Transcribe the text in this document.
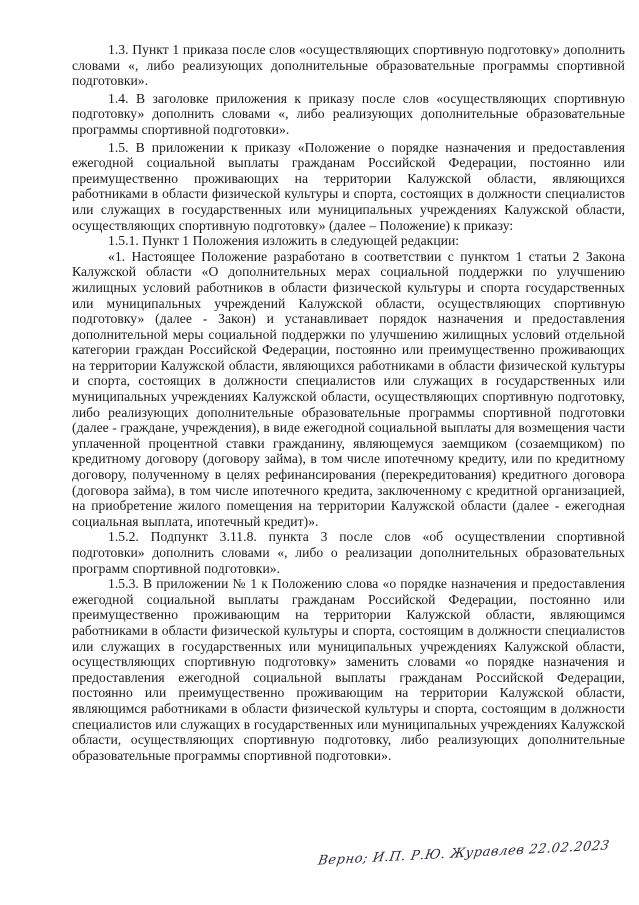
1.3. Пункт 1 приказа после слов «осуществляющих спортивную подготовку» дополнить словами «, либо реализующих дополнительные образовательные программы спортивной подготовки».

1.4. В заголовке приложения к приказу после слов «осуществляющих спортивную подготовку» дополнить словами «, либо реализующих дополнительные образовательные программы спортивной подготовки».

1.5. В приложении к приказу «Положение о порядке назначения и предоставления ежегодной социальной выплаты гражданам Российской Федерации, постоянно или преимущественно проживающих на территории Калужской области, являющихся работниками в области физической культуры и спорта, состоящих в должности специалистов или служащих в государственных или муниципальных учреждениях Калужской области, осуществляющих спортивную подготовку» (далее – Положение) к приказу:

1.5.1. Пункт 1 Положения изложить в следующей редакции:

«1. Настоящее Положение разработано в соответствии с пунктом 1 статьи 2 Закона Калужской области «О дополнительных мерах социальной поддержки по улучшению жилищных условий работников в области физической культуры и спорта государственных или муниципальных учреждений Калужской области, осуществляющих спортивную подготовку» (далее - Закон) и устанавливает порядок назначения и предоставления дополнительной меры социальной поддержки по улучшению жилищных условий отдельной категории граждан Российской Федерации, постоянно или преимущественно проживающих на территории Калужской области, являющихся работниками в области физической культуры и спорта, состоящих в должности специалистов или служащих в государственных или муниципальных учреждениях Калужской области, осуществляющих спортивную подготовку, либо реализующих дополнительные образовательные программы спортивной подготовки (далее - граждане, учреждения), в виде ежегодной социальной выплаты для возмещения части уплаченной процентной ставки гражданину, являющемуся заемщиком (созаемщиком) по кредитному договору (договору займа), в том числе ипотечному кредиту, или по кредитному договору, полученному в целях рефинансирования (перекредитования) кредитного договора (договора займа), в том числе ипотечного кредита, заключенному с кредитной организацией, на приобретение жилого помещения на территории Калужской области (далее - ежегодная социальная выплата, ипотечный кредит)».

1.5.2. Подпункт 3.11.8. пункта 3 после слов «об осуществлении спортивной подготовки» дополнить словами «, либо о реализации дополнительных образовательных программ спортивной подготовки».

1.5.3. В приложении № 1 к Положению слова «о порядке назначения и предоставления ежегодной социальной выплаты гражданам Российской Федерации, постоянно или преимущественно проживающим на территории Калужской области, являющимся работниками в области физической культуры и спорта, состоящим в должности специалистов или служащих в государственных или муниципальных учреждениях Калужской области, осуществляющих спортивную подготовку» заменить словами «о порядке назначения и предоставления ежегодной социальной выплаты гражданам Российской Федерации, постоянно или преимущественно проживающим на территории Калужской области, являющимся работниками в области физической культуры и спорта, состоящим в должности специалистов или служащих в государственных или муниципальных учреждениях Калужской области, осуществляющих спортивную подготовку, либо реализующих дополнительные образовательные программы спортивной подготовки».

Верно; И.П. Р.Ю. Журавлев 22.02.2023
